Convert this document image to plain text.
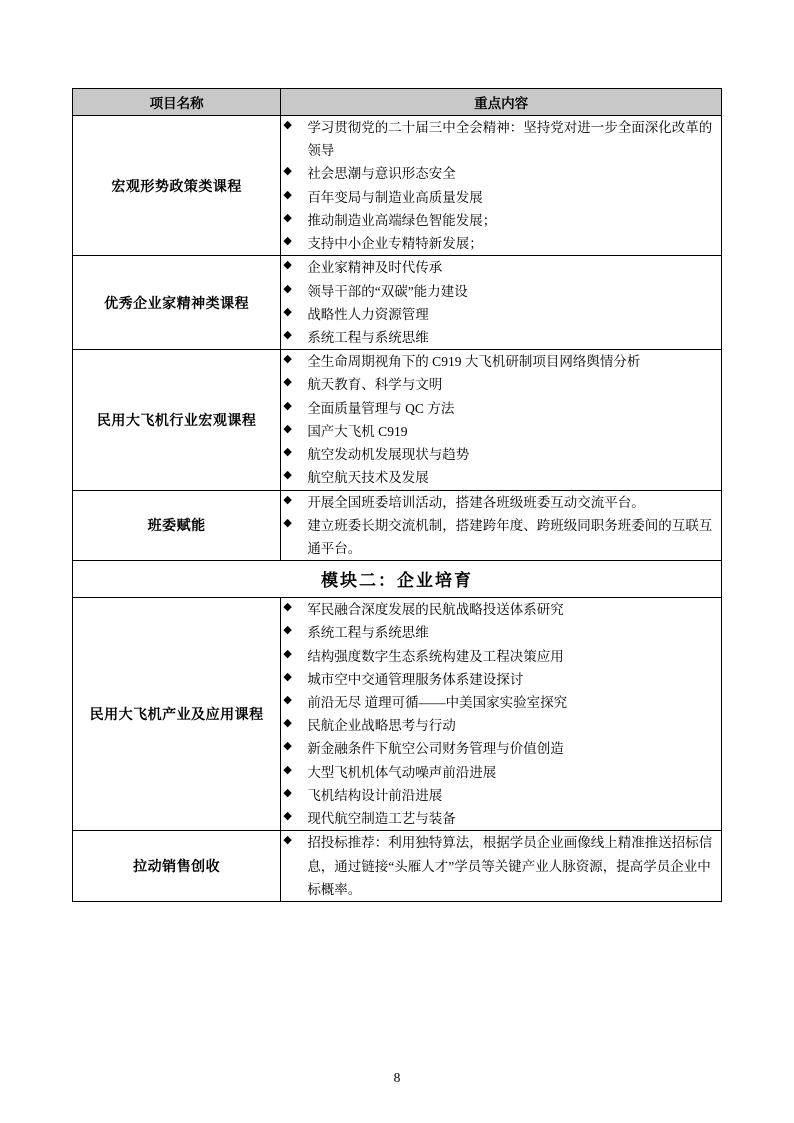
项目名称	重点内容
宏观形势政策类课程	
◆ 学习贯彻党的二十届三中全会精神：坚持党对进一步全面深化改革的领导
◆ 社会思潮与意识形态安全
◆ 百年变局与制造业高质量发展
◆ 推动制造业高端绿色智能发展；
◆ 支持中小企业专精特新发展；

优秀企业家精神类课程	
◆ 企业家精神及时代传承
◆ 领导干部的“双碳”能力建设
◆ 战略性人力资源管理
◆ 系统工程与系统思维

民用大飞机行业宏观课程	
◆ 全生命周期视角下的 C919 大飞机研制项目网络舆情分析
◆ 航天教育、科学与文明
◆ 全面质量管理与 QC 方法
◆ 国产大飞机 C919
◆ 航空发动机发展现状与趋势
◆ 航空航天技术及发展

班委赋能	
◆ 开展全国班委培训活动，搭建各班级班委互动交流平台。
◆ 建立班委长期交流机制，搭建跨年度、跨班级同职务班委间的互联互通平台。

模块二：企业培育	
民用大飞机产业及应用课程	
◆ 军民融合深度发展的民航战略投送体系研究
◆ 系统工程与系统思维
◆ 结构强度数字生态系统构建及工程决策应用
◆ 城市空中交通管理服务体系建设探讨
◆ 前沿无尽 道理可循——中美国家实验室探究
◆ 民航企业战略思考与行动
◆ 新金融条件下航空公司财务管理与价值创造
◆ 大型飞机机体气动噪声前沿进展
◆ 飞机结构设计前沿进展
◆ 现代航空制造工艺与装备

拉动销售创收	
◆ 招投标推荐：利用独特算法，根据学员企业画像线上精准推送招标信息，通过链接“头雁人才”学员等关键产业人脉资源，提高学员企业中标概率。
8
